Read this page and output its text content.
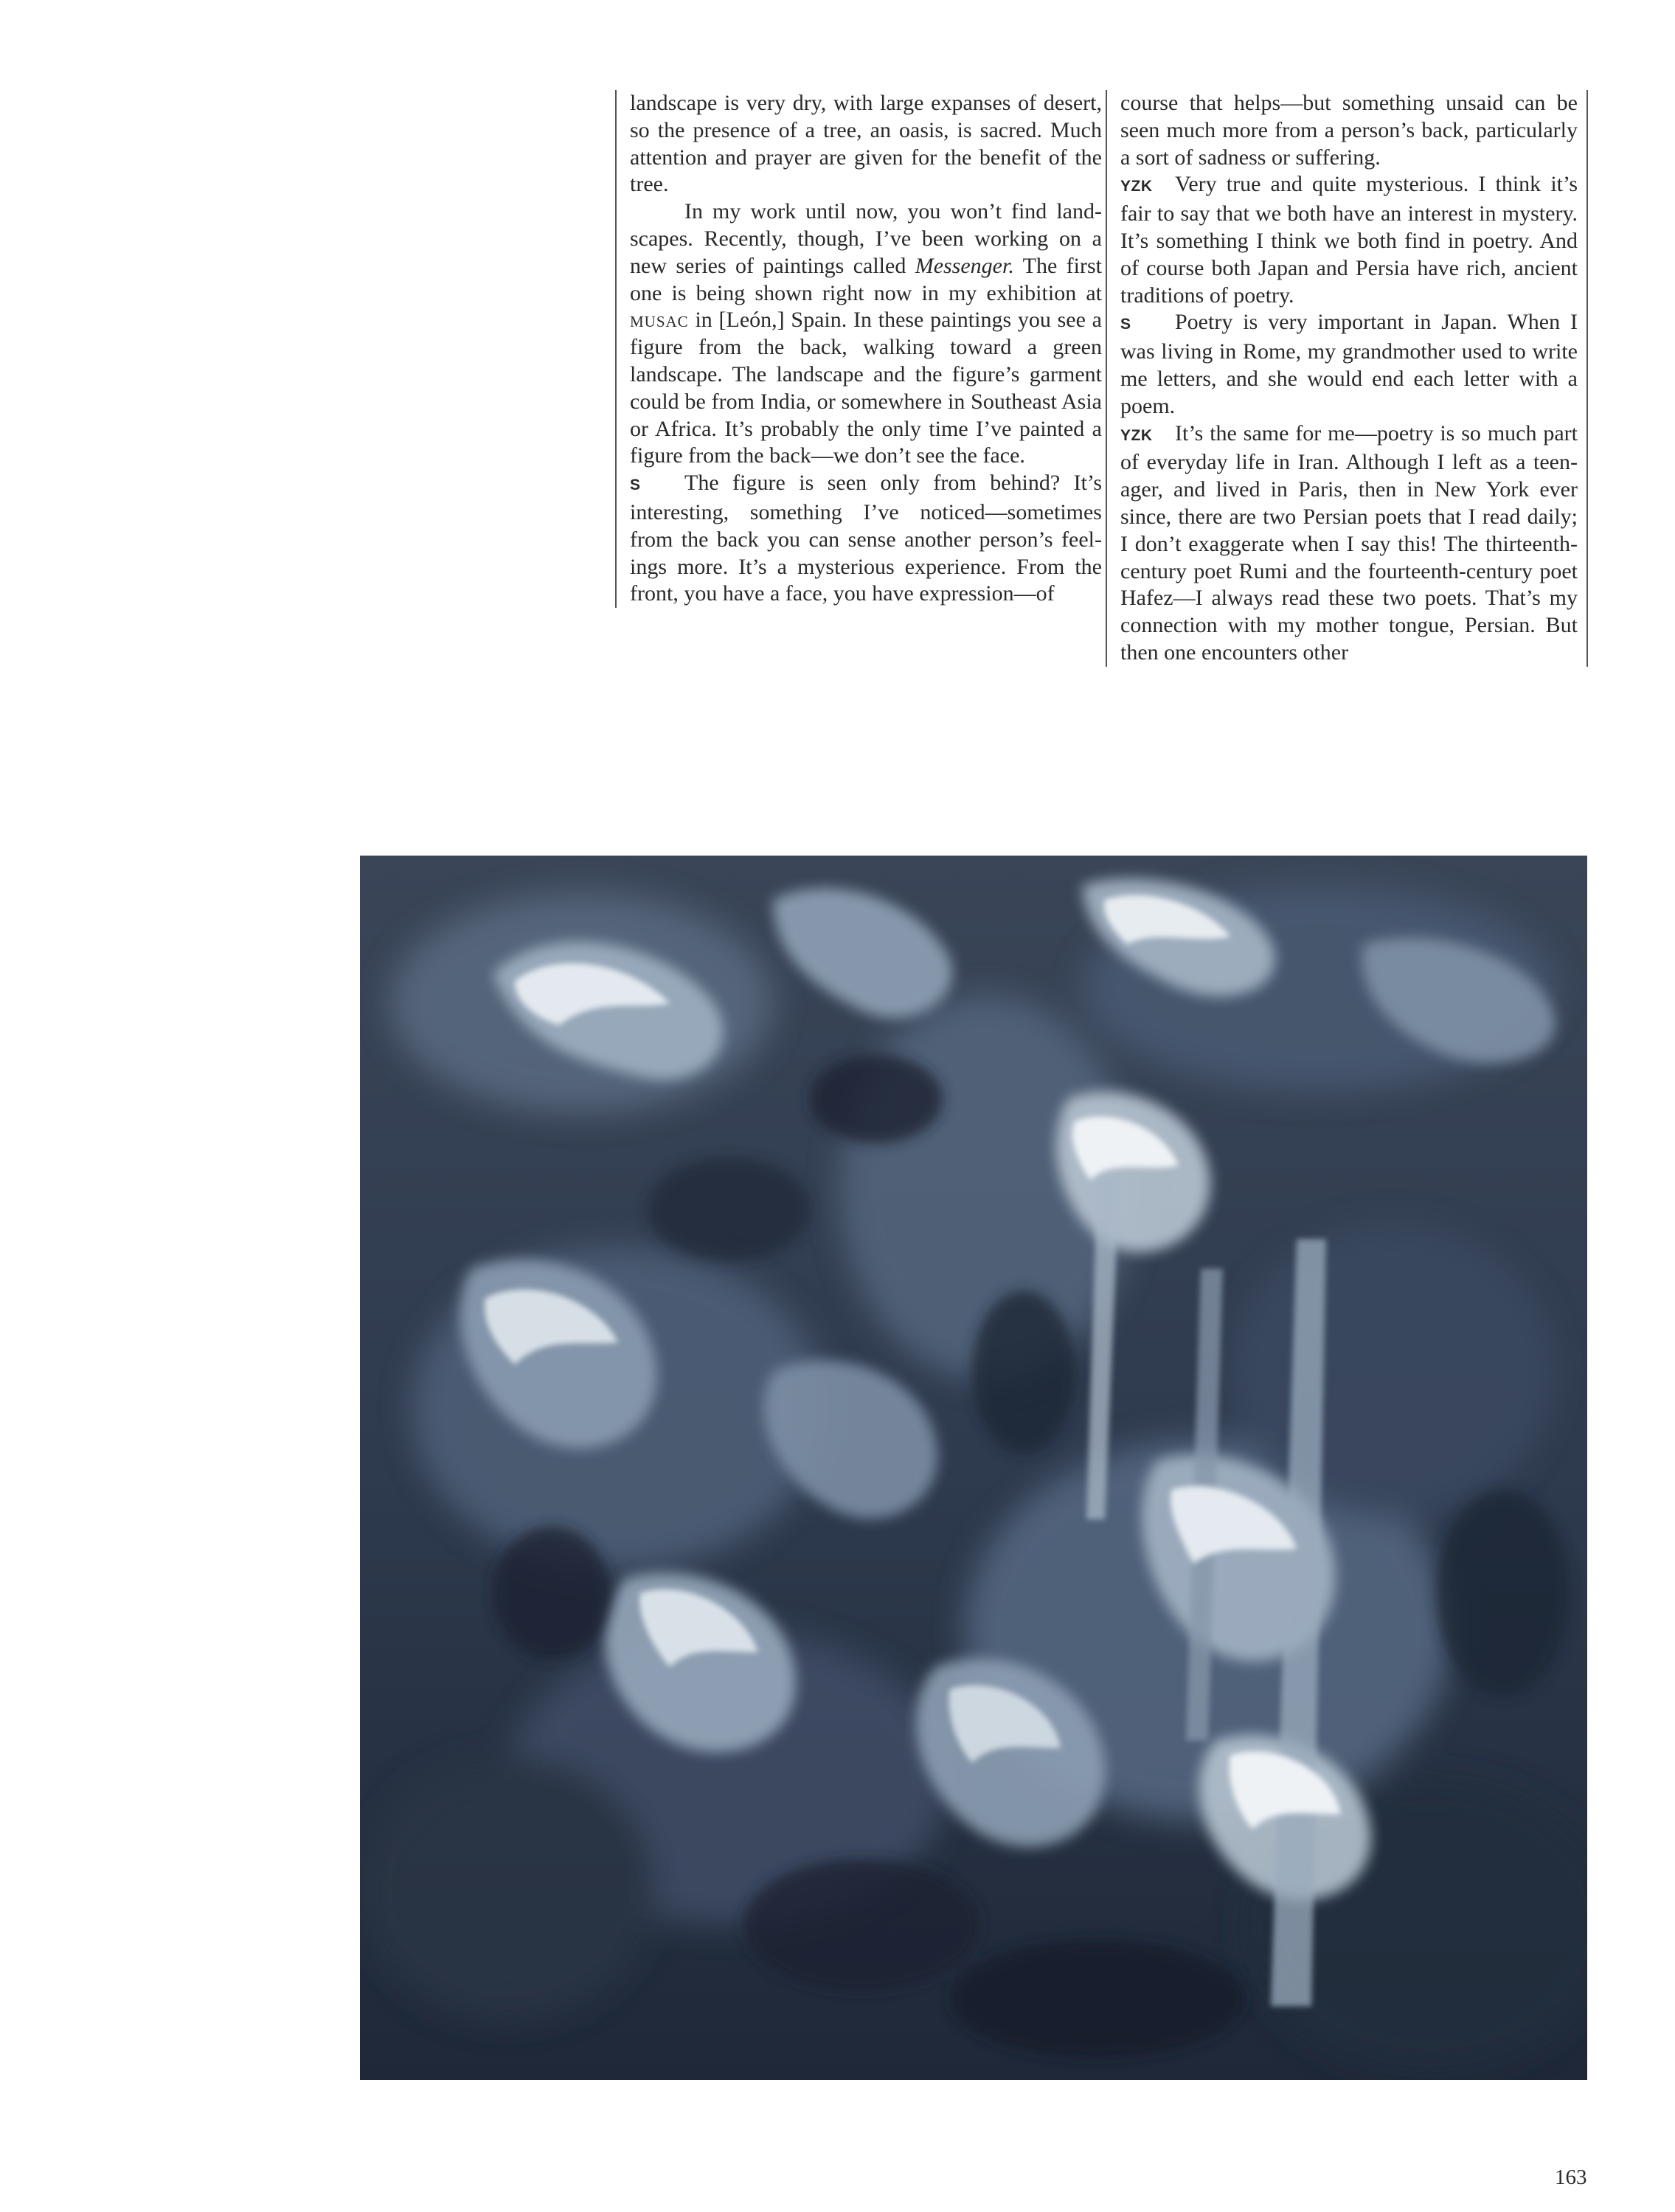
landscape is very dry, with large expanses of desert, so the presence of a tree, an oasis, is sacred. Much attention and prayer are given for the benefit of the tree.

In my work until now, you won’t find landscapes. Recently, though, I’ve been working on a new series of paintings called Messenger. The first one is being shown right now in my exhibition at musac in [León,] Spain. In these paintings you see a figure from the back, walking toward a green landscape. The landscape and the figure’s garment could be from India, or somewhere in Southeast Asia or Africa. It’s probably the only time I’ve painted a figure from the back—we don’t see the face.

S The figure is seen only from behind? It’s interesting, something I’ve noticed—sometimes from the back you can sense another person’s feelings more. It’s a mysterious experience. From the front, you have a face, you have expression—of

course that helps—but something unsaid can be seen much more from a person’s back, particularly a sort of sadness or suffering.

YZK Very true and quite mysterious. I think it’s fair to say that we both have an interest in mystery. It’s something I think we both find in poetry. And of course both Japan and Persia have rich, ancient traditions of poetry.

S Poetry is very important in Japan. When I was living in Rome, my grandmother used to write me letters, and she would end each letter with a poem.

YZK It’s the same for me—poetry is so much part of everyday life in Iran. Although I left as a teenager, and lived in Paris, then in New York ever since, there are two Persian poets that I read daily; I don’t exaggerate when I say this! The thirteenth-century poet Rumi and the fourteenth-century poet Hafez—I always read these two poets. That’s my connection with my mother tongue, Persian. But then one encounters other

163
